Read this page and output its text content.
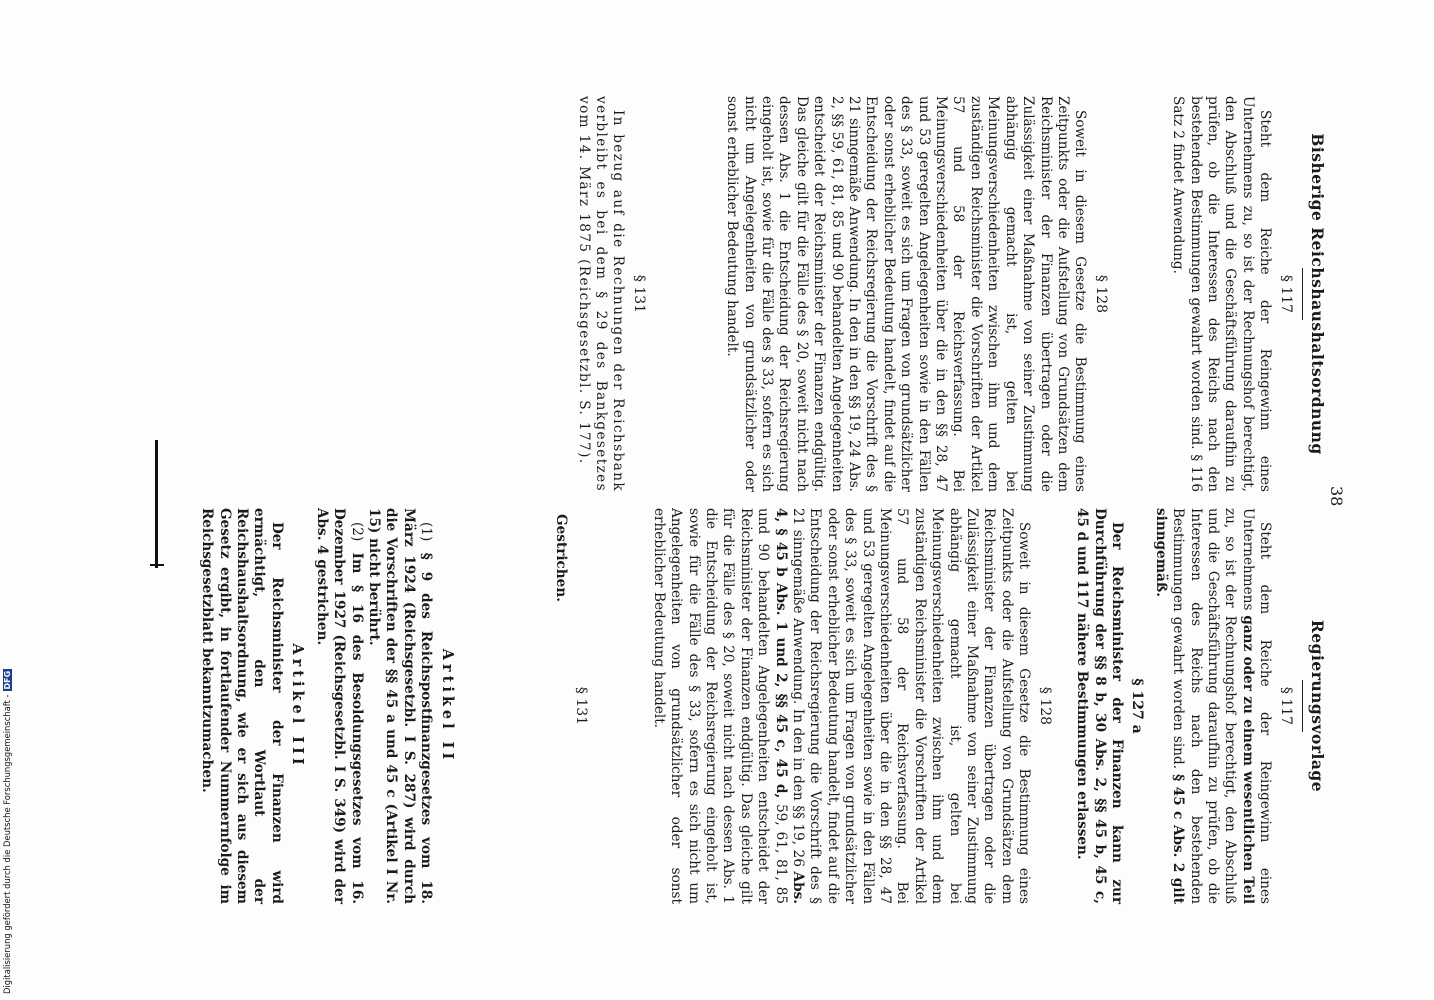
38
Bisherige Reichshaushaltsordnung
§ 117

Steht dem Reiche der Reingewinn eines Unternehmens zu, so ist der Rechnungshof berechtigt, den Abschluß und die Geschäftsführung daraufhin zu prüfen, ob die Interessen des Reichs nach den bestehenden Bestimmungen gewahrt worden sind. § 116 Satz 2 findet Anwendung.

§ 128

Soweit in diesem Gesetze die Bestimmung eines Zeitpunkts oder die Aufstellung von Grundsätzen dem Reichsminister der Finanzen übertragen oder die Zulässigkeit einer Maßnahme von seiner Zustimmung abhängig gemacht ist, gelten bei Meinungsverschiedenheiten zwischen ihm und dem zuständigen Reichsminister die Vorschriften der Artikel 57 und 58 der Reichsverfassung. Bei Meinungsverschiedenheiten über die in den §§ 28, 47 und 53 geregelten Angelegenheiten sowie in den Fällen des § 33, soweit es sich um Fragen von grundsätzlicher oder sonst erheblicher Bedeutung handelt, findet auf die Entscheidung der Reichsregierung die Vorschrift des § 21 sinngemäße Anwendung. In den in den §§ 19, 24 Abs. 2, §§ 59, 61, 81, 85 und 90 behandelten Angelegenheiten entscheidet der Reichsminister der Finanzen endgültig. Das gleiche gilt für die Fälle des § 20, soweit nicht nach dessen Abs. 1 die Entscheidung der Reichsregierung eingeholt ist, sowie für die Fälle des § 33, sofern es sich nicht um Angelegenheiten von grundsätzlicher oder sonst erheblicher Bedeutung handelt.

§ 131

In bezug auf die Rechnungen der Reichsbank verbleibt es bei dem § 29 des Bankgesetzes vom 14. März 1875 (Reichsgesetzbl. S. 177).

Regierungsvorlage
§ 117

Steht dem Reiche der Reingewinn eines Unternehmens ganz oder zu einem wesentlichen Teil zu, so ist der Rechnungshof berechtigt, den Abschluß und die Geschäftsführung daraufhin zu prüfen, ob die Interessen des Reichs nach den bestehenden Bestimmungen gewahrt worden sind. § 45 c Abs. 2 gilt sinngemäß.

§ 127 a

Der Reichsminister der Finanzen kann zur Durchführung der §§ 8 b, 30 Abs. 2, §§ 45 b, 45 c, 45 d und 117 nähere Bestimmungen erlassen.

§ 128

Soweit in diesem Gesetze die Bestimmung eines Zeitpunkts oder die Aufstellung von Grundsätzen dem Reichsminister der Finanzen übertragen oder die Zulässigkeit einer Maßnahme von seiner Zustimmung abhängig gemacht ist, gelten bei Meinungsverschiedenheiten zwischen ihm und dem zuständigen Reichsminister die Vorschriften der Artikel 57 und 58 der Reichsverfassung. Bei Meinungsverschiedenheiten über die in den §§ 28, 47 und 53 geregelten Angelegenheiten sowie in den Fällen des § 33, soweit es sich um Fragen von grundsätzlicher oder sonst erheblicher Bedeutung handelt, findet auf die Entscheidung der Reichsregierung die Vorschrift des § 21 sinngemäße Anwendung. In den in den §§ 19, 26 Abs. 4, § 45 b Abs. 1 und 2, §§ 45 c, 45 d, 59, 61, 81, 85 und 90 behandelten Angelegenheiten entscheidet der Reichsminister der Finanzen endgültig. Das gleiche gilt für die Fälle des § 20, soweit nicht nach dessen Abs. 1 die Entscheidung der Reichsregierung eingeholt ist, sowie für die Fälle des § 33, sofern es sich nicht um Angelegenheiten von grundsätzlicher oder sonst erheblicher Bedeutung handelt.

§ 131

Gestrichen.

Artikel II

(1) § 9 des Reichspostfinanzgesetzes vom 18. März 1924 (Reichsgesetzbl. I S. 287) wird durch die Vorschriften der §§ 45 a und 45 c (Artikel I Nr. 15) nicht berührt.

(2) Im § 16 des Besoldungsgesetzes vom 16. Dezember 1927 (Reichsgesetzbl. I S. 349) wird der Abs. 4 gestrichen.

Artikel III

Der Reichsminister der Finanzen wird ermächtigt, den Wortlaut der Reichshaushaltsordnung, wie er sich aus diesem Gesetz ergibt, in fortlaufender Nummernfolge im Reichsgesetzblatt bekanntzumachen.

Digitalisierung gefördert durch die Deutsche Forschungsgemeinschaft -DFG
